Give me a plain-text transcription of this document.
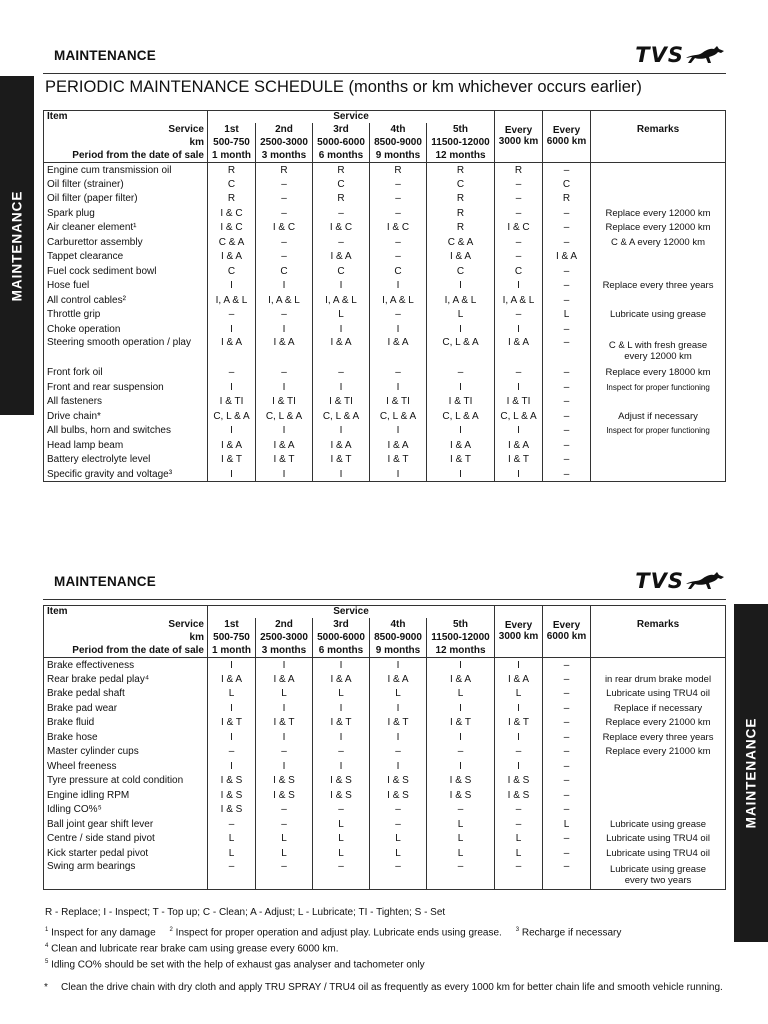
MAINTENANCE	TVS
MAINTENANCE
PERIODIC MAINTENANCE SCHEDULE (months or km whichever occurs earlier)
Item	Service							
Service	1st	2nd	3rd	4th	5th	Every
3000 km	Every
6000 km	Remarks
km	500-750	2500-3000	5000-6000	8500-9000	11500-12000			
Period from the date of sale	1 month	3 months	6 months	9 months	12 months			
Engine cum transmission oil	R	R	R	R	R	R	–	
Oil filter (strainer)	C	–	C	–	C	–	C	
Oil filter (paper filter)	R	–	R	–	R	–	R	
Spark plug	I & C	–	–	–	R	–	–	Replace every 12000 km
Air cleaner element¹	I & C	I & C	I & C	I & C	R	I & C	–	Replace every 12000 km
Carburettor assembly	C & A	–	–	–	C & A	–	–	C & A every 12000 km
Tappet clearance	I & A	–	I & A	–	I & A	–	I & A	
Fuel cock sediment bowl	C	C	C	C	C	C	–	
Hose fuel	I	I	I	I	I	I	–	Replace every three years
All control cables²	I, A & L	I, A & L	I, A & L	I, A & L	I, A & L	I, A & L	–	
Throttle grip	–	–	L	–	L	–	L	Lubricate using grease
Choke operation	I	I	I	I	I	I	–	
Steering smooth operation / play	I & A	I & A	I & A	I & A	C, L & A	I & A	–	C & L with fresh grease
every 12000 km
Front fork oil	–	–	–	–	–	–	–	Replace every 18000 km
Front and rear suspension	I	I	I	I	I	I	–	Inspect for proper functioning
All fasteners	I & TI	I & TI	I & TI	I & TI	I & TI	I & TI	–	
Drive chain*	C, L & A	C, L & A	C, L & A	C, L & A	C, L & A	C, L & A	–	Adjust if necessary
All bulbs, horn and switches	I	I	I	I	I	I	–	Inspect for proper functioning
Head lamp beam	I & A	I & A	I & A	I & A	I & A	I & A	–	
Battery electrolyte level	I & T	I & T	I & T	I & T	I & T	I & T	–	
Specific gravity and voltage³	I	I	I	I	I	I	–	
MAINTENANCE	TVS
MAINTENANCE
Item	Service							
Service	1st	2nd	3rd	4th	5th	Every
3000 km	Every
6000 km	Remarks
km	500-750	2500-3000	5000-6000	8500-9000	11500-12000			
Period from the date of sale	1 month	3 months	6 months	9 months	12 months			
Brake effectiveness	I	I	I	I	I	I	–	
Rear brake pedal play⁴	I & A	I & A	I & A	I & A	I & A	I & A	–	in rear drum brake model
Brake pedal shaft	L	L	L	L	L	L	–	Lubricate using TRU4 oil
Brake pad wear	I	I	I	I	I	I	–	Replace if necessary
Brake fluid	I & T	I & T	I & T	I & T	I & T	I & T	–	Replace every 21000 km
Brake hose	I	I	I	I	I	I	–	Replace every three years
Master cylinder cups	–	–	–	–	–	–	–	Replace every 21000 km
Wheel freeness	I	I	I	I	I	I	–	
Tyre pressure at cold condition	I & S	I & S	I & S	I & S	I & S	I & S	–	
Engine idling RPM	I & S	I & S	I & S	I & S	I & S	I & S	–	
Idling CO%⁵	I & S	–	–	–	–	–	–	
Ball joint gear shift lever	–	–	L	–	L	–	L	Lubricate using grease
Centre / side stand pivot	L	L	L	L	L	L	–	Lubricate using TRU4 oil
Kick starter pedal pivot	L	L	L	L	L	L	–	Lubricate using TRU4 oil
Swing arm bearings	–	–	–	–	–	–	–	Lubricate using grease
every two years
R - Replace; I - Inspect; T - Top up; C - Clean; A - Adjust; L - Lubricate; TI - Tighten; S - Set
$^1$ Inspect for any damage $^2$ Inspect for proper operation and adjust play. Lubricate ends using grease. $^3$ Recharge if necessary
$^4$ Clean and lubricate rear brake cam using grease every 6000 km.
$^5$ Idling CO% should be set with the help of exhaust gas analyser and tachometer only
* Clean the drive chain with dry cloth and apply TRU SPRAY / TRU4 oil as frequently as every 1000 km for better chain life and smooth vehicle running.
